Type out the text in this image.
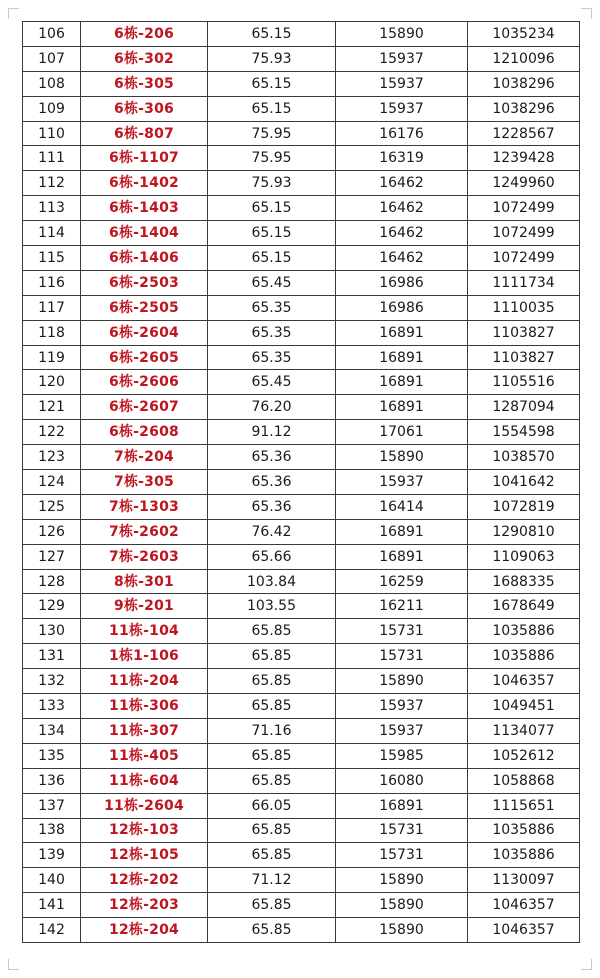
106	6栋-206	65.15	15890	1035234
107	6栋-302	75.93	15937	1210096
108	6栋-305	65.15	15937	1038296
109	6栋-306	65.15	15937	1038296
110	6栋-807	75.95	16176	1228567
111	6栋-1107	75.95	16319	1239428
112	6栋-1402	75.93	16462	1249960
113	6栋-1403	65.15	16462	1072499
114	6栋-1404	65.15	16462	1072499
115	6栋-1406	65.15	16462	1072499
116	6栋-2503	65.45	16986	1111734
117	6栋-2505	65.35	16986	1110035
118	6栋-2604	65.35	16891	1103827
119	6栋-2605	65.35	16891	1103827
120	6栋-2606	65.45	16891	1105516
121	6栋-2607	76.20	16891	1287094
122	6栋-2608	91.12	17061	1554598
123	7栋-204	65.36	15890	1038570
124	7栋-305	65.36	15937	1041642
125	7栋-1303	65.36	16414	1072819
126	7栋-2602	76.42	16891	1290810
127	7栋-2603	65.66	16891	1109063
128	8栋-301	103.84	16259	1688335
129	9栋-201	103.55	16211	1678649
130	11栋-104	65.85	15731	1035886
131	1栋1-106	65.85	15731	1035886
132	11栋-204	65.85	15890	1046357
133	11栋-306	65.85	15937	1049451
134	11栋-307	71.16	15937	1134077
135	11栋-405	65.85	15985	1052612
136	11栋-604	65.85	16080	1058868
137	11栋-2604	66.05	16891	1115651
138	12栋-103	65.85	15731	1035886
139	12栋-105	65.85	15731	1035886
140	12栋-202	71.12	15890	1130097
141	12栋-203	65.85	15890	1046357
142	12栋-204	65.85	15890	1046357
